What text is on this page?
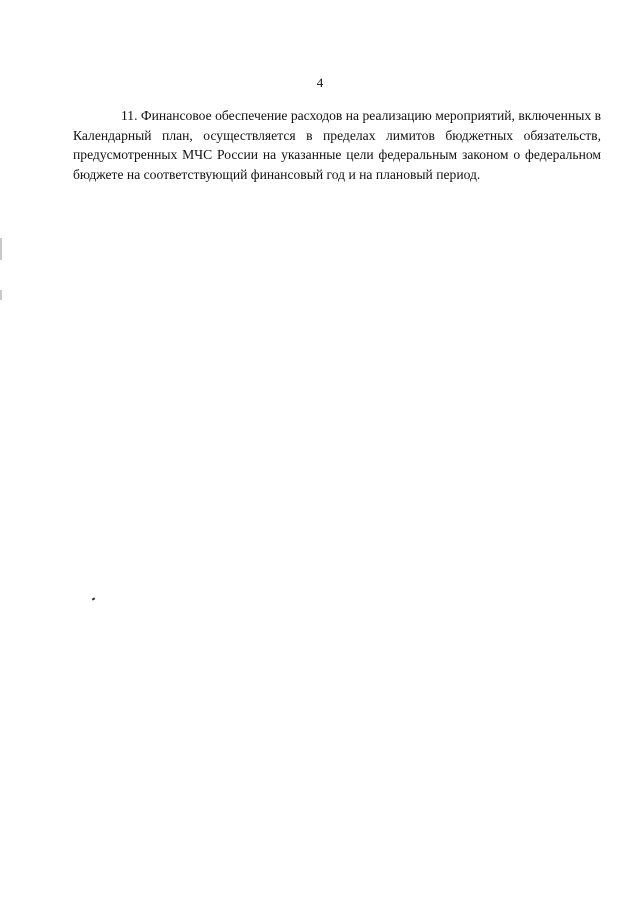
4

11. Финансовое обеспечение расходов на реализацию мероприятий, включенных в Календарный план, осуществляется в пределах лимитов бюджетных обязательств, предусмотренных МЧС России на указанные цели федеральным законом о федеральном бюджете на соответствующий финансовый год и на плановый период.
